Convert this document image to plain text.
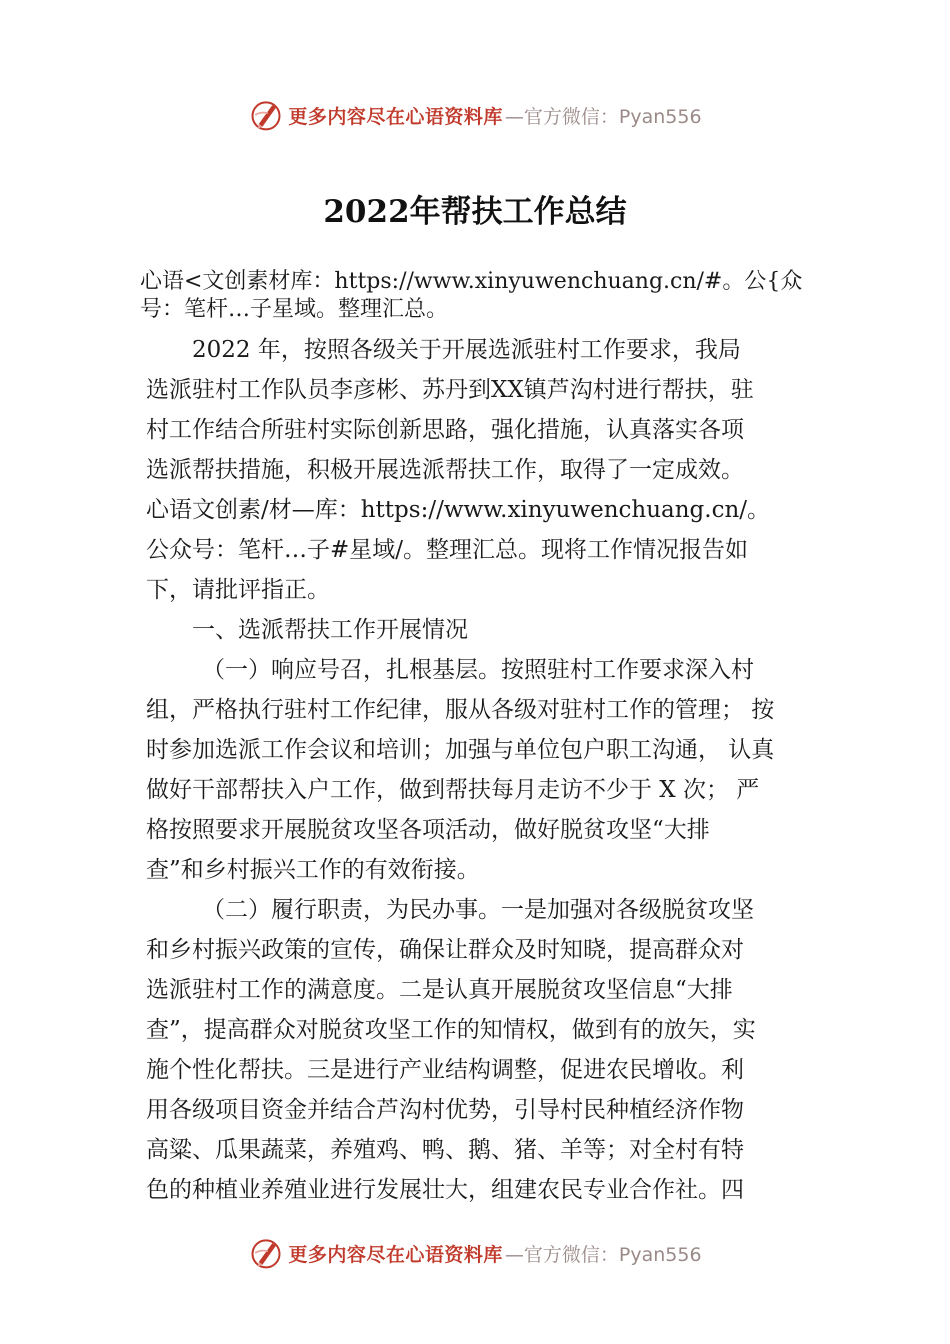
更多内容尽在心语资料库 —官方微信：Pyan556
2022年帮扶工作总结
心语<文创素材库：https://www.xinyuwenchuang.cn/#。公{众
号：笔杆…子星域。整理汇总。
2022 年，按照各级关于开展选派驻村工作要求，我局
选派驻村工作队员李彦彬、苏丹到XX镇芦沟村进行帮扶，驻
村工作结合所驻村实际创新思路，强化措施，认真落实各项
选派帮扶措施，积极开展选派帮扶工作，取得了一定成效。
心语文创素/材—库：https://www.xinyuwenchuang.cn/。
公众号：笔杆…子#星域/。整理汇总。现将工作情况报告如
下，请批评指正。
一、选派帮扶工作开展情况
（一）响应号召，扎根基层。按照驻村工作要求深入村
组，严格执行驻村工作纪律，服从各级对驻村工作的管理； 按
时参加选派工作会议和培训；加强与单位包户职工沟通， 认真
做好干部帮扶入户工作，做到帮扶每月走访不少于 X 次； 严
格按照要求开展脱贫攻坚各项活动，做好脱贫攻坚“大排
查”和乡村振兴工作的有效衔接。
（二）履行职责，为民办事。一是加强对各级脱贫攻坚
和乡村振兴政策的宣传，确保让群众及时知晓，提高群众对
选派驻村工作的满意度。二是认真开展脱贫攻坚信息“大排
查”，提高群众对脱贫攻坚工作的知情权，做到有的放矢，实
施个性化帮扶。三是进行产业结构调整，促进农民增收。利
用各级项目资金并结合芦沟村优势，引导村民种植经济作物
高粱、瓜果蔬菜，养殖鸡、鸭、鹅、猪、羊等；对全村有特
色的种植业养殖业进行发展壮大，组建农民专业合作社。四
更多内容尽在心语资料库 —官方微信：Pyan556
